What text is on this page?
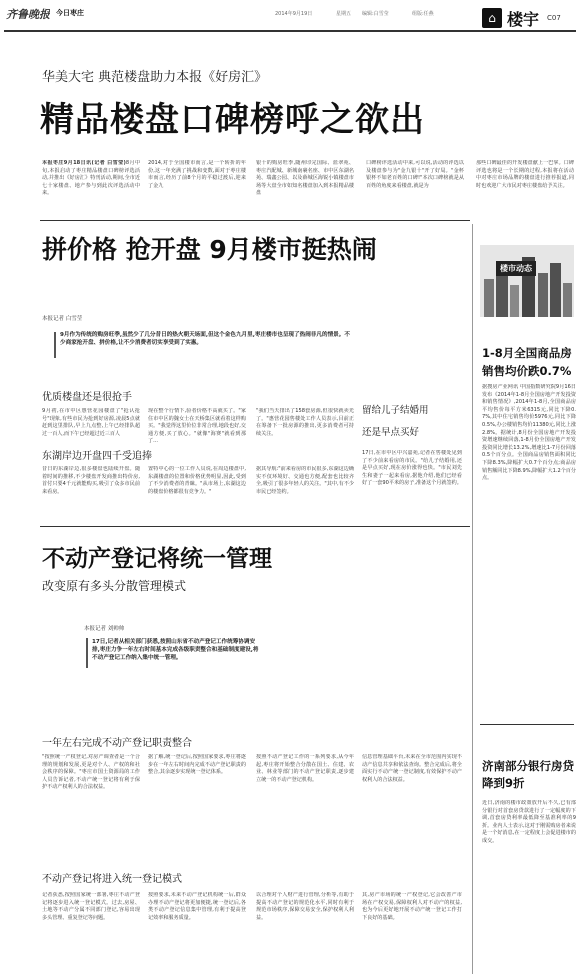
齐鲁晚报 今日枣庄	2014年9月19日	星期五 编辑:白雪莹	组版:任燕	⌂ 楼宇 C07
华美大宅 典范楼盘助力本报《好房汇》
精品楼盘口碑榜呼之欲出
本报枣庄9月18日讯(记者 白雪莹)8月中旬,本报启动了枣庄精品楼盘口碑榜评选活动,并推出《好房汇》特刊活动,期间,全市近七十家楼盘、地产参与到此次评选活动中来。
2014,对于全国楼市而言,是一个转折的年份,这一年充满了挑战和变数,面对于枣庄楼市而言,经历了前8个月的平稳过渡后,迎来了金九
银十的购房旺季,随州印完国际、蓝翠苑、枣庄汽配城、新城南裹名座、市中区东湖名苑、瑞鑫公园、以及薛城区海锐小镇楼盘市场等大盘全市如知名楼盘加入到本报精品楼盘
口碑榜评选活动中来,可以说,活动的评选以及楼盘参与为"金九银十"开了好局。"金杯银杯不如老百姓的口碑!"本次口碑榜就是从百姓的角度来看楼盘,就是为
那些口碑最佳的开发楼盘献上一巴掌。口碑评选也将是一个长期的过程,本报将在活动中对枣庄市场品牌的楼盘进行推荐报道,同时也欢迎广大市民对枣庄楼盘给予关注。
拼价格 抢开盘 9月楼市挺热闹
本报记者 白雪莹
9月作为传统的购房旺季,虽然少了几分昔日的热火朝天场面,但这个金色九月里,枣庄楼市也呈现了热闹非凡的情景。不少商家抢开盘、拼价格,让不少消费者切实享受到了实惠。
优质楼盘还是很抢手
9月初,在市中区惠营花园楼盘了"抢认抢号"现象,有些市民为抢到好房源,凌晨5点就赶到这里排队,早上九点整,上午已经排队超过一百人,而下午已经超过近三百人
现在整个行情下,验者价格不高就买了。"家住市中区的魏女士在天桥集区就看着这样购买。"我觉得这里价位非常合理,地段也好,交通方便,买了放心。"就像"海赛"就看到那了...
"我们当天排出了158套房源,但很快就卖光了。"惠营花园售楼处工作人员表示,目前正在筹备下一批房源的推出,更多消费者可持续关注。
东湖岸边开盘四千受追捧
昔日的东湖岸边,很多楼盘也陆续开盘。随着时间的推移,不少楼盘开发商推出特价房,首付只要4千元就能购买,吸引了众多市民前来看房。
置特中心的一位工作人员说,在周边楼盘中,东湖楼盘的位置和价格优势明显,因此,受到了不少消费者的青睐。"从市场上,东湖这边的楼盘价格都很有竞争力。"
据其导航:"前来看房的市民很多,东湖这边确实不仅环境好、交通也方便,配套也比较齐全,吸引了很多年轻人的关注。"其中,有不少市民已经签约。
留给儿子结婚用 还是早点买好
17日,在市中区中兴嘉苑,记者在售楼处见到了不少前来看房的市民。"给儿子结婚用,还是早点买好,现在房价涨得也快。"市民刘先生和妻子一起来看房,据他介绍,他们已经看好了一套90平米的房子,准备这个月就签约。
不动产登记将统一管理
改变原有多头分散管理模式
本报记者 刘帅帅
17日,记者从相关部门获悉,按照山东省不动产登记工作统筹协调安排,枣庄力争一年左右时间基本完成各级职责整合和基础制度建设,将不动产登记工作纳入集中统一管理。
一年左右完成不动产登记职责整合
"按照统一产权登记,对房产调查者是一个合理的规划和发展,更是对个人、产权的和社会秩序的保障。"枣庄市国土资源局的工作人员告诉记者,不动产统一登记将有利于保护不动产权利人的合法权益。
据了解,统一登记后,按照国家要求,枣庄将逐步在一年左右时间内完成不动产登记职责的整合,其余逐步实现统一登记体系。
按照不动产登记工作的一系列要求,从今年起,枣庄将开始整合分散在国土、住建、农业、林业等部门的不动产登记职责,逐步建立统一的不动产登记机构。
信息管理基础平台,未来在全市范围内实现不动产信息共享和依法查询。整合完成后,将全面实行不动产统一登记制度,有效保护不动产权利人的合法权益。
不动产登记将进入统一登记模式
记者获悉,按照国家统一部署,枣庄不动产登记将逐步进入统一登记模式。过去,房屋、土地等不动产分属不同部门登记,容易出现多头管理、重复登记等问题。
按照要求,未来不动产登记机构统一后,群众办理不动产登记将更加便捷,统一登记后,各类不动产登记信息集中管理,有利于提高登记效率和服务质量。
以合理对个人财产进行管理,分析等,有助于提高不动产登记的规范化水平,同时有利于规范市场秩序,保障交易安全,保护权利人利益。
其,房产市场的统一产权登记,它会改善产市场在产权交易,保障权利人对不动产的权益,也为今后更好地开展不动产统一登记工作打下良好的基础。
楼市动态
1-8月全国商品房销售均价跌0.7%
据搜房产业网讯 中国指数研究院9月16日发布《2014年1-8月全国房地产开发投资和销售情况》,2014年1-8月,全国商品房平均售价每平方米6315元,同比下降0.7%,其中住宅销售均价5976元,同比下降0.5%,办公楼销售均价11380元,同比上涨2.8%。据统计,8月份全国房地产开发投资增速继续回落,1-8月份全国房地产开发投资同比增长13.2%,增速比1-7月份回落0.5个百分点。全国商品房销售面积同比下降8.3%,降幅扩大0.7个百分点;商品房销售额同比下降8.9%,降幅扩大1.2个百分点。
济南部分银行房贷降到9折
近日,济南的楼市政策放开后不久,已有部分银行对首套房贷款进行了一定幅度的下调,首套房贷利率最低降至基准利率的9折。业内人士表示,这对于刚需购房者来说是一个好消息,在一定程度上会促进楼市的成交。
